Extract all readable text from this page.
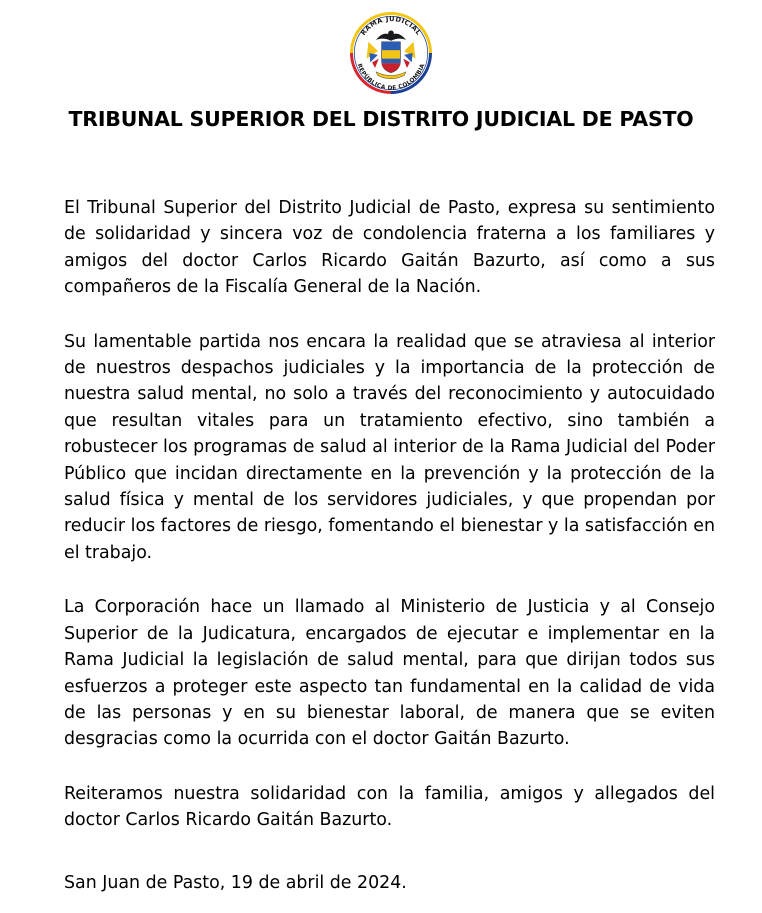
RAMA JUDICIAL
REPÚBLICA DE COLOMBIA
TRIBUNAL SUPERIOR DEL DISTRITO JUDICIAL DE PASTO

El Tribunal Superior del Distrito Judicial de Pasto, expresa su sentimiento de solidaridad y sincera voz de condolencia fraterna a los familiares y amigos del doctor Carlos Ricardo Gaitán Bazurto, así como a sus compañeros de la Fiscalía General de la Nación.

Su lamentable partida nos encara la realidad que se atraviesa al interior de nuestros despachos judiciales y la importancia de la protección de nuestra salud mental, no solo a través del reconocimiento y autocuidado que resultan vitales para un tratamiento efectivo, sino también a robustecer los programas de salud al interior de la Rama Judicial del Poder Público que incidan directamente en la prevención y la protección de la salud física y mental de los servidores judiciales, y que propendan por reducir los factores de riesgo, fomentando el bienestar y la satisfacción en el trabajo.

La Corporación hace un llamado al Ministerio de Justicia y al Consejo Superior de la Judicatura, encargados de ejecutar e implementar en la Rama Judicial la legislación de salud mental, para que dirijan todos sus esfuerzos a proteger este aspecto tan fundamental en la calidad de vida de las personas y en su bienestar laboral, de manera que se eviten desgracias como la ocurrida con el doctor Gaitán Bazurto.

Reiteramos nuestra solidaridad con la familia, amigos y allegados del doctor Carlos Ricardo Gaitán Bazurto.

San Juan de Pasto, 19 de abril de 2024.
